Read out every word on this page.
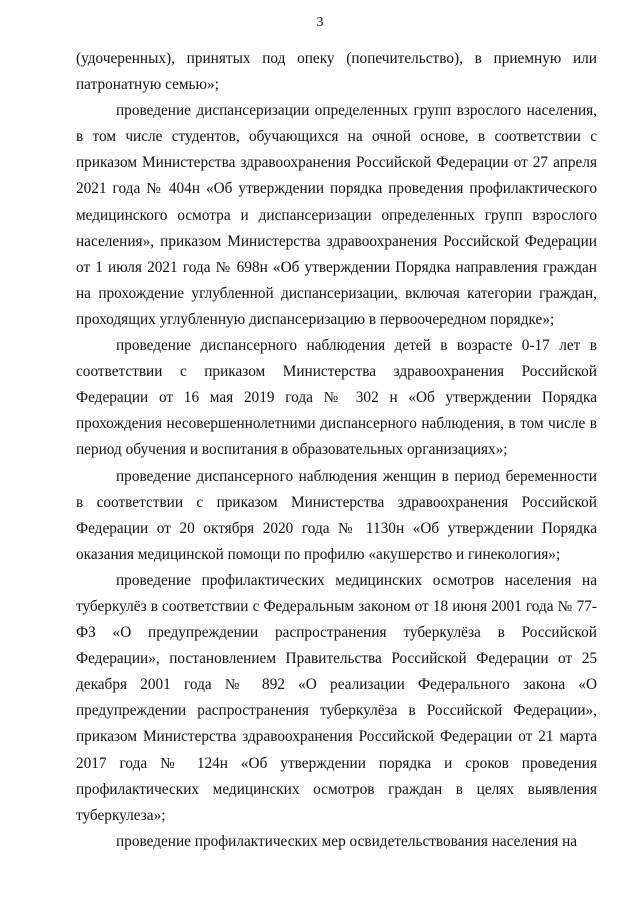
3

(удочеренных), принятых под опеку (попечительство), в приемную или патронатную семью»;

проведение диспансеризации определенных групп взрослого населения, в том числе студентов, обучающихся на очной основе, в соответствии с приказом Министерства здравоохранения Российской Федерации от 27 апреля 2021 года № 404н «Об утверждении порядка проведения профилактического медицинского осмотра и диспансеризации определенных групп взрослого населения», приказом Министерства здравоохранения Российской Федерации от 1 июля 2021 года № 698н «Об утверждении Порядка направления граждан на прохождение углубленной диспансеризации, включая категории граждан, проходящих углубленную диспансеризацию в первоочередном порядке»;

проведение диспансерного наблюдения детей в возрасте 0-17 лет в соответствии с приказом Министерства здравоохранения Российской Федерации от 16 мая 2019 года № 302 н «Об утверждении Порядка прохождения несовершеннолетними диспансерного наблюдения, в том числе в период обучения и воспитания в образовательных организациях»;

проведение диспансерного наблюдения женщин в период беременности в соответствии с приказом Министерства здравоохранения Российской Федерации от 20 октября 2020 года № 1130н «Об утверждении Порядка оказания медицинской помощи по профилю «акушерство и гинекология»;

проведение профилактических медицинских осмотров населения на туберкулёз в соответствии с Федеральным законом от 18 июня 2001 года № 77-ФЗ «О предупреждении распространения туберкулёза в Российской Федерации», постановлением Правительства Российской Федерации от 25 декабря 2001 года № 892 «О реализации Федерального закона «О предупреждении распространения туберкулёза в Российской Федерации», приказом Министерства здравоохранения Российской Федерации от 21 марта 2017 года № 124н «Об утверждении порядка и сроков проведения профилактических медицинских осмотров граждан в целях выявления туберкулеза»;

проведение профилактических мер освидетельствования населения на
